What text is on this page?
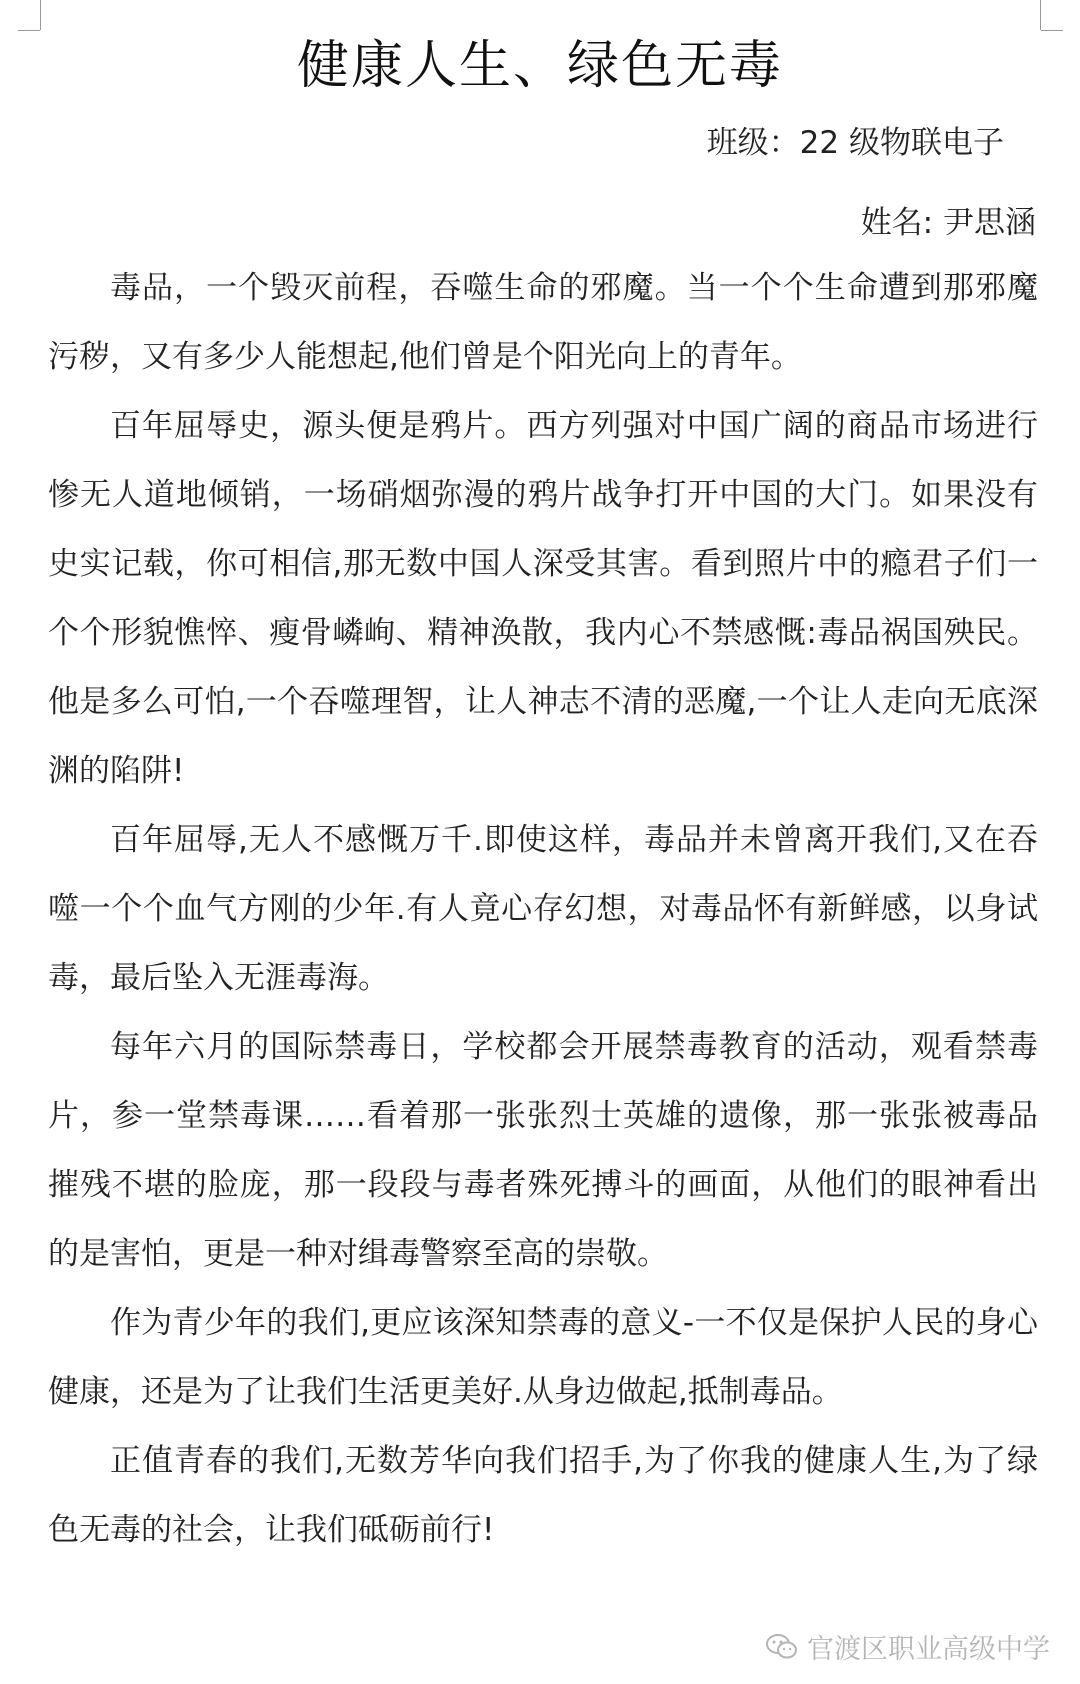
健康人生、绿色无毒
班级：22 级物联电子
姓名: 尹思涵

毒品，一个毁灭前程，吞噬生命的邪魔。当一个个生命遭到那邪魔污秽，又有多少人能想起,他们曾是个阳光向上的青年。

百年屈辱史，源头便是鸦片。西方列强对中国广阔的商品市场进行惨无人道地倾销，一场硝烟弥漫的鸦片战争打开中国的大门。如果没有史实记载，你可相信,那无数中国人深受其害。看到照片中的瘾君子们一个个形貌憔悴、瘦骨嶙峋、精神涣散，我内心不禁感慨:毒品祸国殃民。他是多么可怕,一个吞噬理智，让人神志不清的恶魔,一个让人走向无底深渊的陷阱!

百年屈辱,无人不感慨万千.即使这样，毒品并未曾离开我们,又在吞噬一个个血气方刚的少年.有人竟心存幻想，对毒品怀有新鲜感，以身试毒，最后坠入无涯毒海。

每年六月的国际禁毒日，学校都会开展禁毒教育的活动，观看禁毒片，参一堂禁毒课……看着那一张张烈士英雄的遗像，那一张张被毒品摧残不堪的脸庞，那一段段与毒者殊死搏斗的画面，从他们的眼神看出的是害怕，更是一种对缉毒警察至高的崇敬。

作为青少年的我们,更应该深知禁毒的意义-一不仅是保护人民的身心健康，还是为了让我们生活更美好.从身边做起,抵制毒品。

正值青春的我们,无数芳华向我们招手,为了你我的健康人生,为了绿色无毒的社会，让我们砥砺前行!

官渡区职业高级中学
